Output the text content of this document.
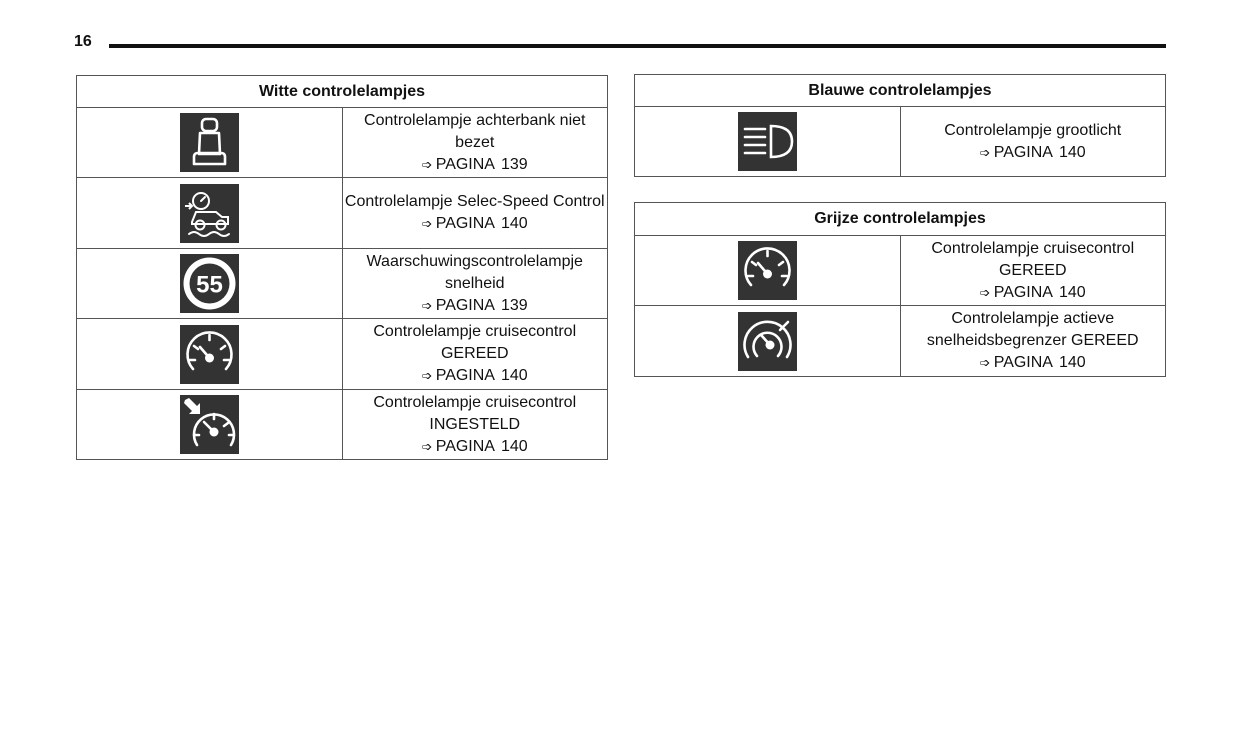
16
Witte controlelampjes	

Controlelampje achterbank niet bezet
➩ PAGINA 139

Controlelampje Selec-Speed Control
➩ PAGINA 140

55	Waarschuwingscontrolelampje snelheid
➩ PAGINA 139

Controlelampje cruisecontrol GEREED
➩ PAGINA 140

Controlelampje cruisecontrol INGESTELD
➩ PAGINA 140
Blauwe controlelampjes

Controlelampje grootlicht
➩ PAGINA 140
Grijze controlelampjes	

Controlelampje cruisecontrol GEREED
➩ PAGINA 140

Controlelampje actieve snelheidsbegrenzer GEREED
➩ PAGINA 140
